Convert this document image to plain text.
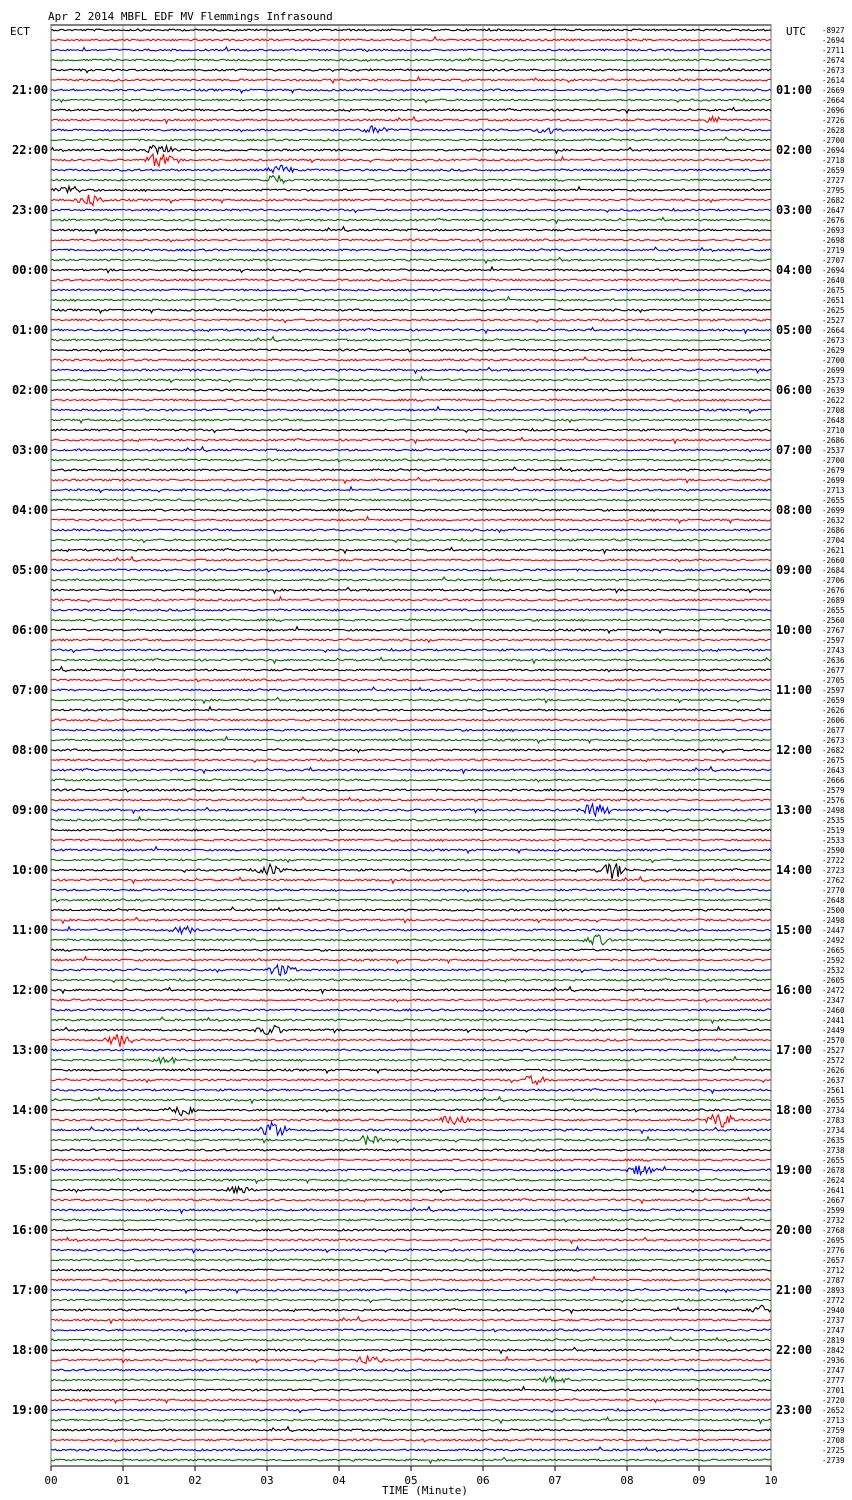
Apr 2 2014 MBFL EDF MV Flemmings Infrasound
ECT	UTC
21:00
22:00
23:00
00:00
01:00
02:00
03:00
04:00
05:00
06:00
07:00
08:00
09:00
10:00
11:00
12:00
13:00
14:00
15:00
16:00
17:00
18:00
19:00
01:00
02:00
03:00
04:00
05:00
06:00
07:00
08:00
09:00
10:00
11:00
12:00
13:00
14:00
15:00
16:00
17:00
18:00
19:00
20:00
21:00
22:00
23:00
-8927
-2694
-2711
-2674
-2673
-2614
-2669
-2664
-2696
-2726
-2628
-2700
-2694
-2718
-2659
-2727
-2795
-2682
-2647
-2676
-2693
-2698
-2719
-2707
-2694
-2640
-2675
-2651
-2625
-2527
-2664
-2673
-2629
-2700
-2699
-2573
-2639
-2622
-2708
-2648
-2710
-2686
-2537
-2700
-2679
-2699
-2713
-2655
-2699
-2632
-2686
-2704
-2621
-2660
-2684
-2706
-2676
-2689
-2655
-2560
-2767
-2597
-2743
-2636
-2677
-2705
-2597
-2659
-2626
-2606
-2677
-2673
-2682
-2675
-2643
-2666
-2579
-2576
-2498
-2535
-2519
-2533
-2590
-2722
-2723
-2762
-2770
-2648
-2500
-2498
-2447
-2492
-2665
-2592
-2532
-2605
-2472
-2347
-2460
-2441
-2449
-2570
-2527
-2572
-2626
-2637
-2561
-2655
-2734
-2783
-2734
-2635
-2738
-2655
-2678
-2624
-2641
-2667
-2599
-2732
-2768
-2695
-2776
-2657
-2712
-2787
-2893
-2772
-2940
-2737
-2747
-2819
-2842
-2936
-2747
-2777
-2701
-2720
-2652
-2713
-2759
-2708
-2725
-2739
00	01	02	03	04	05	06	07	08	09	10
TIME (Minute)
